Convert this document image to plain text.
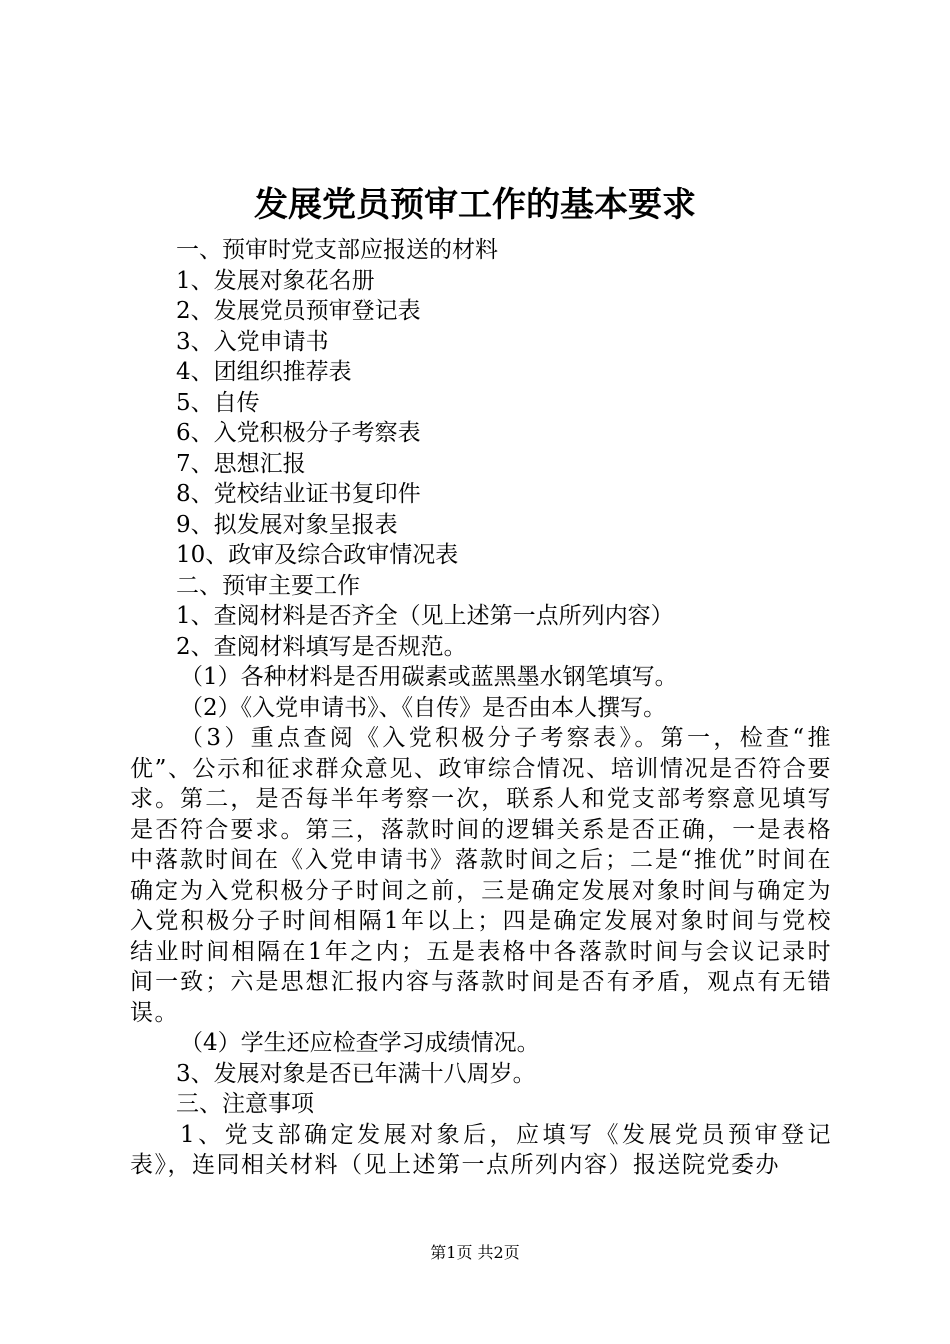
发展党员预审工作的基本要求

一、预审时党支部应报送的材料

1、发展对象花名册

2、发展党员预审登记表

3、入党申请书

4、团组织推荐表

5、自传

6、入党积极分子考察表

7、思想汇报

8、党校结业证书复印件

9、拟发展对象呈报表

10、政审及综合政审情况表

二、预审主要工作

1、查阅材料是否齐全（见上述第一点所列内容）

2、查阅材料填写是否规范。

（1）各种材料是否用碳素或蓝黑墨水钢笔填写。

（2）《入党申请书》、《自传》是否由本人撰写。

（3）重点查阅《入党积极分子考察表》。第一，检查“推优”、公示和征求群众意见、政审综合情况、培训情况是否符合要求。第二，是否每半年考察一次，联系人和党支部考察意见填写是否符合要求。第三，落款时间的逻辑关系是否正确，一是表格中落款时间在《入党申请书》落款时间之后；二是“推优”时间在确定为入党积极分子时间之前，三是确定发展对象时间与确定为入党积极分子时间相隔1年以上；四是确定发展对象时间与党校结业时间相隔在1年之内；五是表格中各落款时间与会议记录时间一致；六是思想汇报内容与落款时间是否有矛盾，观点有无错误。

（4）学生还应检查学习成绩情况。

3、发展对象是否已年满十八周岁。

三、注意事项

1、党支部确定发展对象后，应填写《发展党员预审登记表》，连同相关材料（见上述第一点所列内容）报送院党委办

第1页 共2页
